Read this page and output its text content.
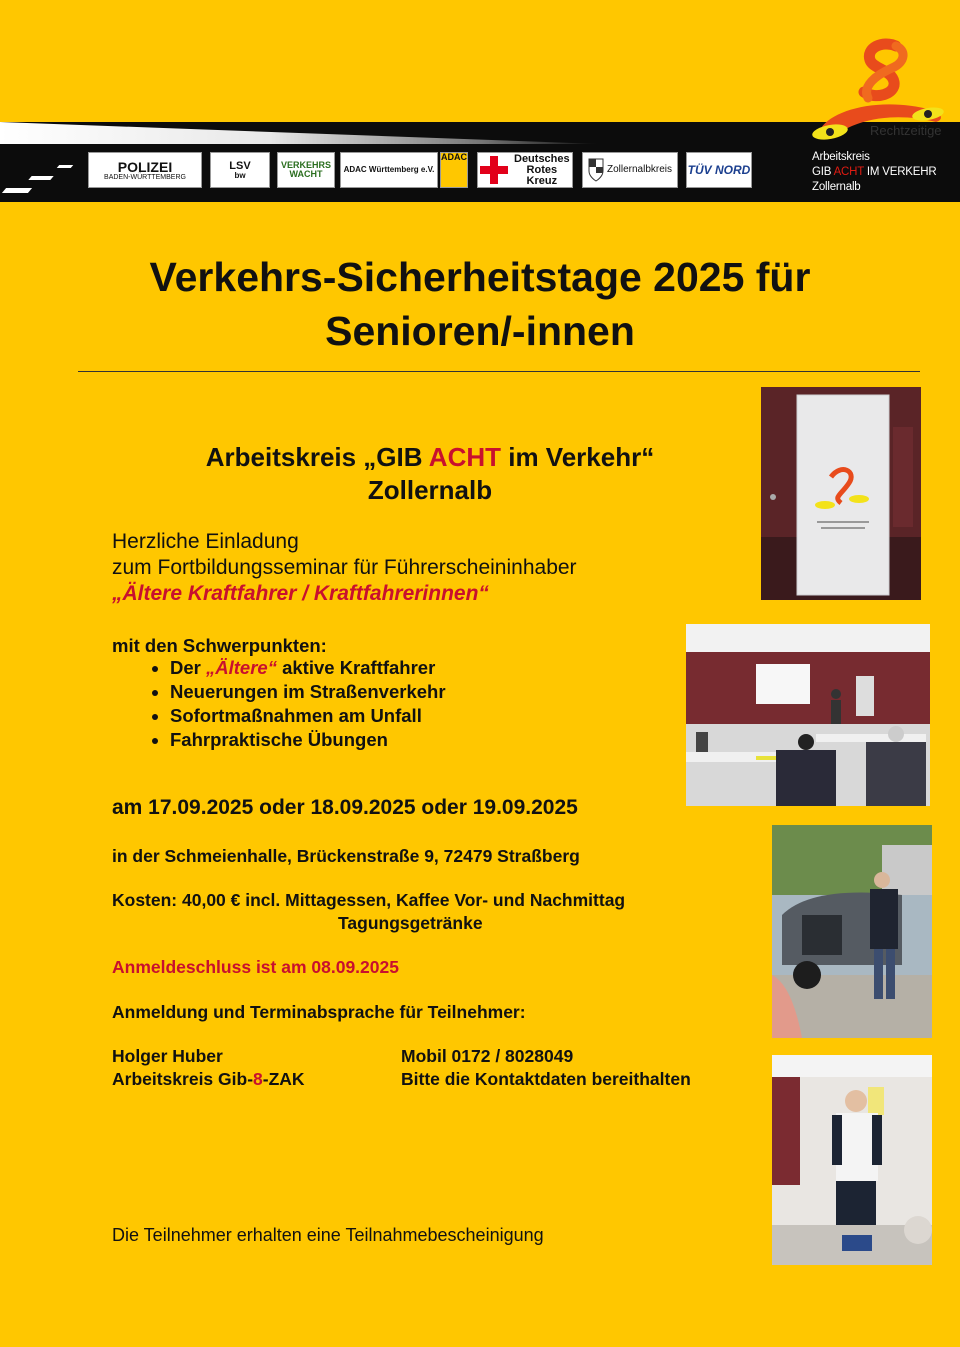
POLIZEI
BADEN-WÜRTTEMBERG
LSV
bw
VERKEHRS WACHT	ADAC Württemberg e.V.
ADAC	Deutsches
Rotes
Kreuz
Zollernalbkreis TÜV NORD
Rechtzeitige
Arbeitskreis
GIB ACHT IM VERKEHR
Zollernalb
Verkehrs-Sicherheitstage 2025 für
Senioren/-innen
Arbeitskreis „GIB ACHT im Verkehr“
Zollernalb
Herzliche Einladung
zum Fortbildungsseminar für Führerscheininhaber
„Ältere Kraftfahrer / Kraftfahrerinnen“
mit den Schwerpunkten:
• Der „Ältere“ aktive Kraftfahrer
• Neuerungen im Straßenverkehr
• Sofortmaßnahmen am Unfall
• Fahrpraktische Übungen
am 17.09.2025 oder 18.09.2025 oder 19.09.2025
in der Schmeienhalle, Brückenstraße 9, 72479 Straßberg
Kosten: 40,00 € incl. Mittagessen, Kaffee Vor- und Nachmittag
Tagungsgetränke
Anmeldeschluss ist am 08.09.2025
Anmeldung und Terminabsprache für Teilnehmer:
Holger Huber
Arbeitskreis Gib-8-ZAK
Mobil 0172 / 8028049
Bitte die Kontaktdaten bereithalten
Die Teilnehmer erhalten eine Teilnahmebescheinigung
